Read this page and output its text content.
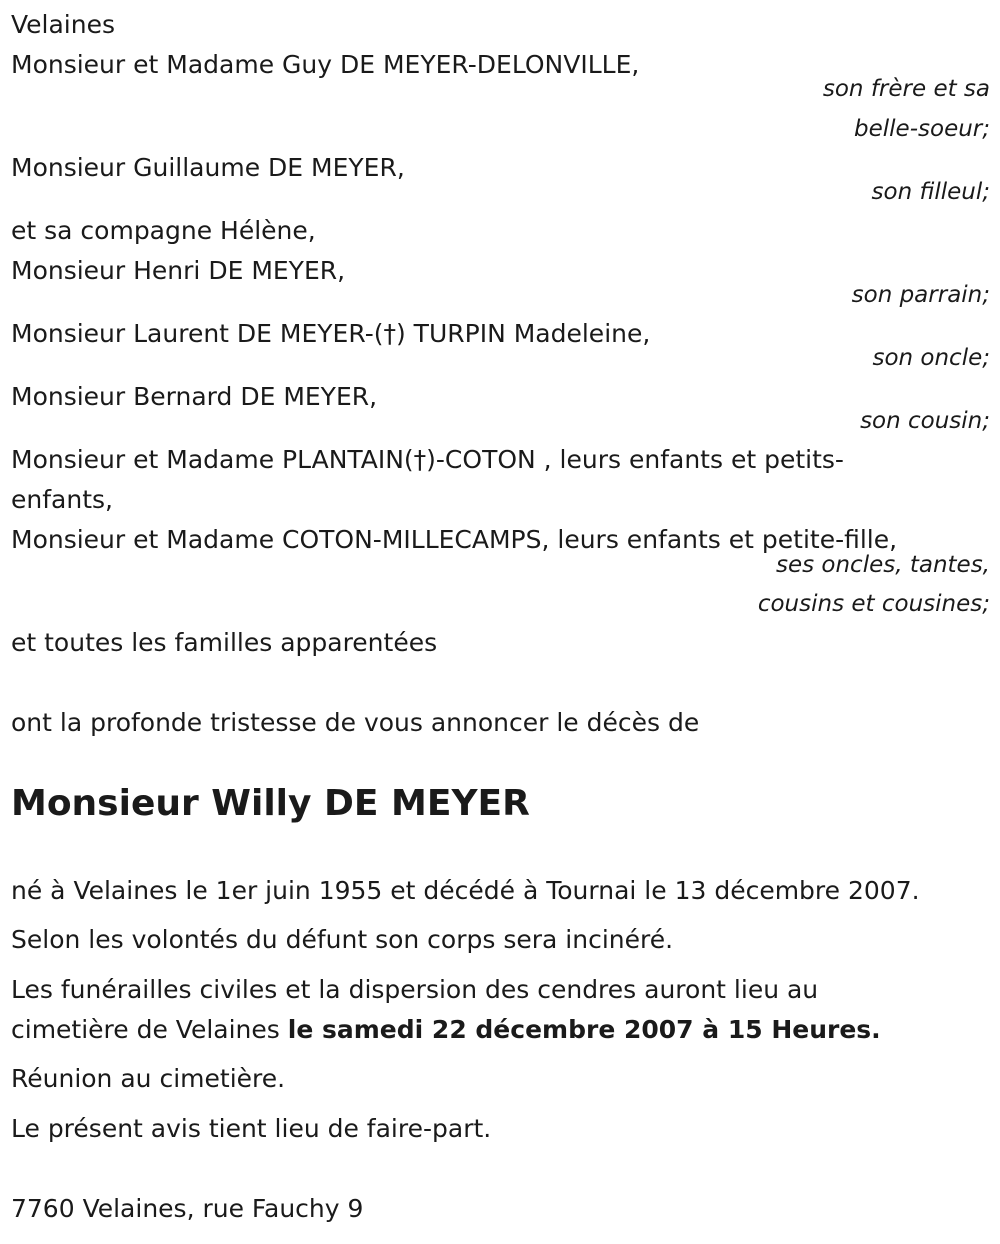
Velaines
Monsieur et Madame Guy DE MEYER-DELONVILLE,
son frère et sa
belle-soeur;
Monsieur Guillaume DE MEYER,
son filleul;
et sa compagne Hélène,
Monsieur Henri DE MEYER,
son parrain;
Monsieur Laurent DE MEYER-(†) TURPIN Madeleine,
son oncle;
Monsieur Bernard DE MEYER,
son cousin;
Monsieur et Madame PLANTAIN(†)-COTON , leurs enfants et petits-
enfants,
Monsieur et Madame COTON-MILLECAMPS, leurs enfants et petite-fille,
ses oncles, tantes,
cousins et cousines;
et toutes les familles apparentées
ont la profonde tristesse de vous annoncer le décès de
Monsieur Willy DE MEYER
né à Velaines le 1er juin 1955 et décédé à Tournai le 13 décembre 2007.
Selon les volontés du défunt son corps sera incinéré.
Les funérailles civiles et la dispersion des cendres auront lieu au
cimetière de Velaines le samedi 22 décembre 2007 à 15 Heures.
Réunion au cimetière.
Le présent avis tient lieu de faire-part.
7760 Velaines, rue Fauchy 9
